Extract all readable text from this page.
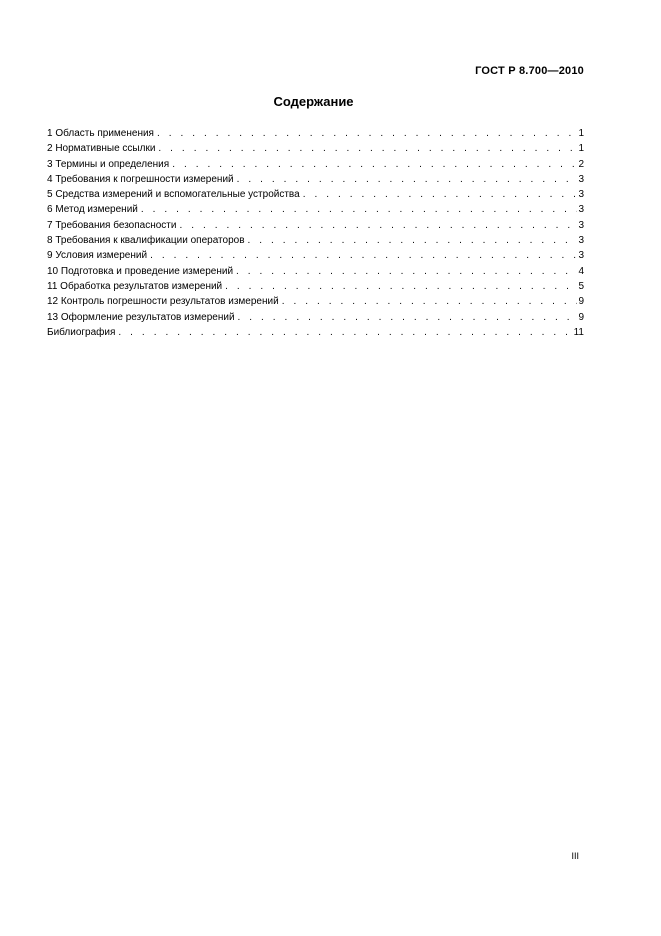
ГОСТ Р 8.700—2010
Содержание
1 Область применения . . .	1
2 Нормативные ссылки . . .	1
3 Термины и определения . . .	2
4 Требования к погрешности измерений . . .	3
5 Средства измерений и вспомогательные устройства . . .	3
6 Метод измерений . . .	3
7 Требования безопасности . . .	3
8 Требования к квалификации операторов . . .	3
9 Условия измерений . . .	3
10 Подготовка и проведение измерений . . .	4
11 Обработка результатов измерений . . .	5
12 Контроль погрешности результатов измерений . . .	9
13 Оформление результатов измерений . . .	9
Библиография . . .	11
III
